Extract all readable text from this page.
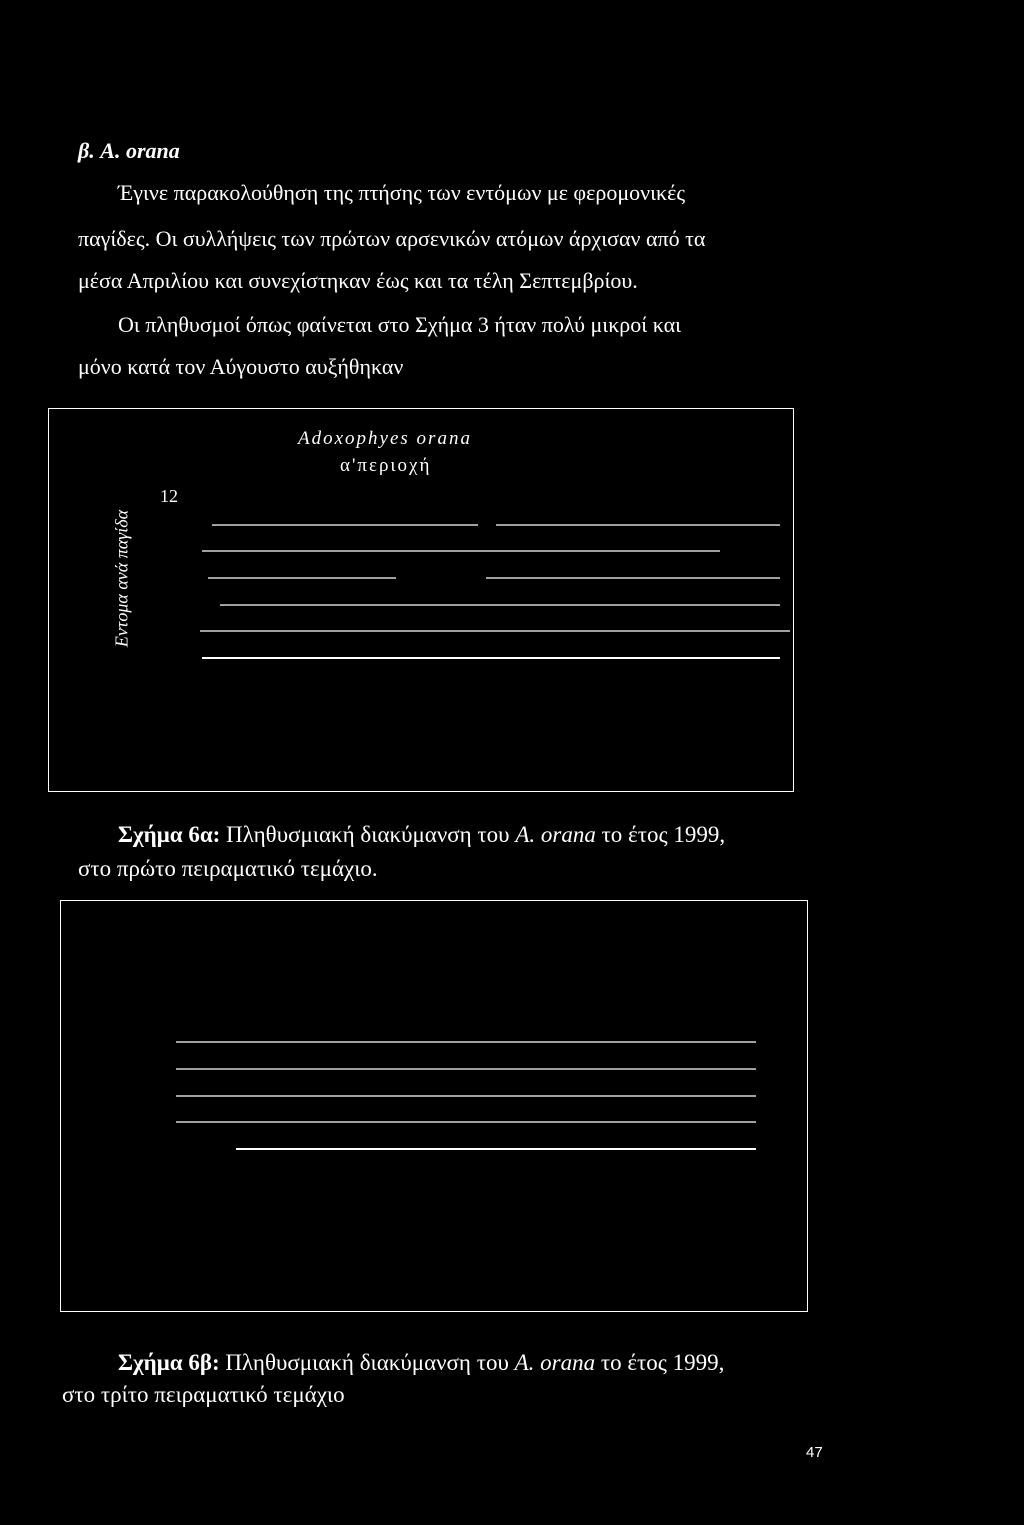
β. A. orana
Έγινε παρακολούθηση της πτήσης των εντόμων με φερομονικές
παγίδες. Οι συλλήψεις των πρώτων αρσενικών ατόμων άρχισαν από τα
μέσα Απριλίου και συνεχίστηκαν έως και τα τέλη Σεπτεμβρίου.
Οι πληθυσμοί όπως φαίνεται στο Σχήμα 3 ήταν πολύ μικροί και
μόνο κατά τον Αύγουστο αυξήθηκαν
Adoxophyes orana
α'περιοχή
Εντομα ανά παγίδα
12
Σχήμα 6α: Πληθυσμιακή διακύμανση του A. orana το έτος 1999,
στο πρώτο πειραματικό τεμάχιο.
Σχήμα 6β: Πληθυσμιακή διακύμανση του A. orana το έτος 1999,
στο τρίτο πειραματικό τεμάχιο
47
